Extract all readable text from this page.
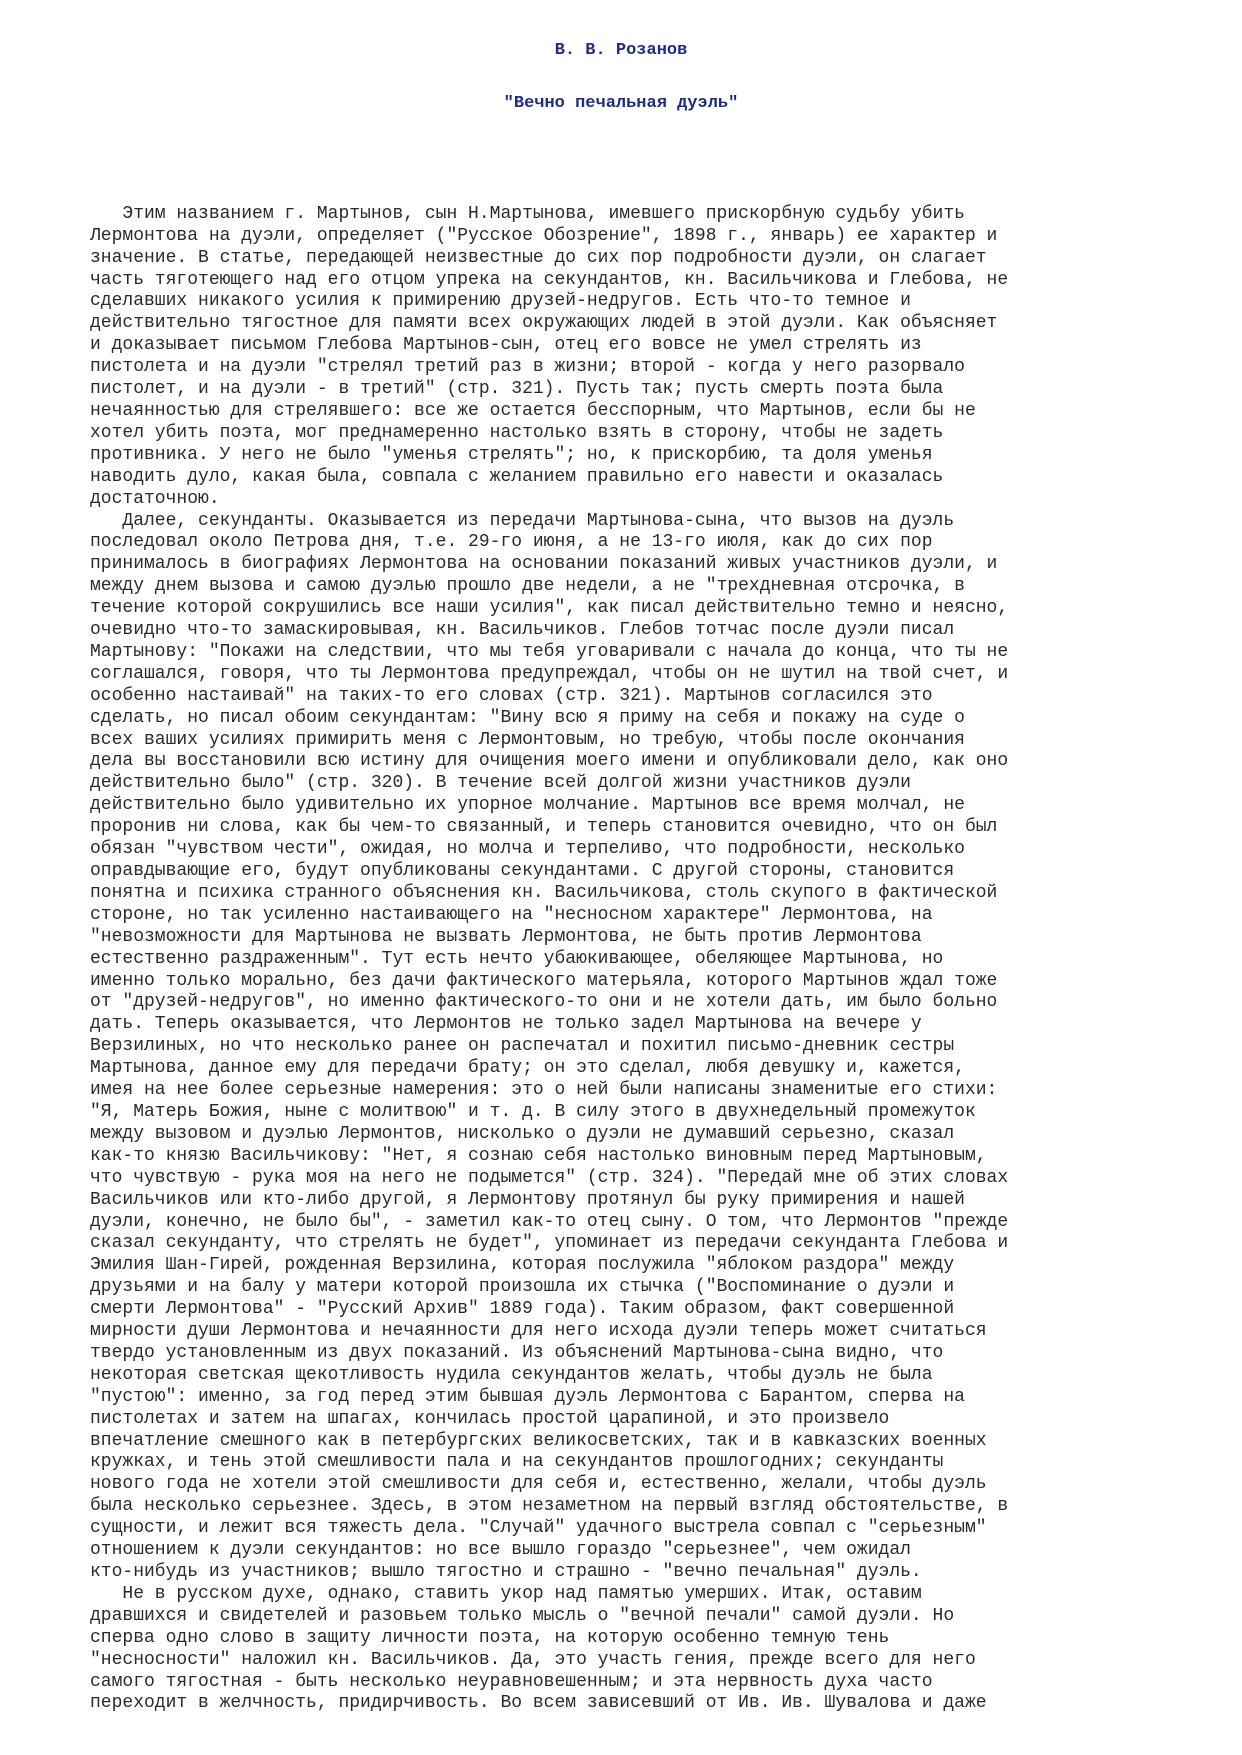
В. В. Розанов
"Вечно печальная дуэль"

Этим названием г. Мартынов, сын Н.Мартынова, имевшего прискорбную судьбу убить
Лермонтова на дуэли, определяет ("Русское Обозрение", 1898 г., январь) ее характер и
значение. В статье, передающей неизвестные до сих пор подробности дуэли, он слагает
часть тяготеющего над его отцом упрека на секундантов, кн. Васильчикова и Глебова, не
сделавших никакого усилия к примирению друзей-недругов. Есть что-то темное и
действительно тягостное для памяти всех окружающих людей в этой дуэли. Как объясняет
и доказывает письмом Глебова Мартынов-сын, отец его вовсе не умел стрелять из
пистолета и на дуэли "стрелял третий раз в жизни; второй - когда у него разорвало
пистолет, и на дуэли - в третий" (стр. 321). Пусть так; пусть смерть поэта была
нечаянностью для стрелявшего: все же остается бесспорным, что Мартынов, если бы не
хотел убить поэта, мог преднамеренно настолько взять в сторону, чтобы не задеть
противника. У него не было "уменья стрелять"; но, к прискорбию, та доля уменья
наводить дуло, какая была, совпала с желанием правильно его навести и оказалась
достаточною.
Далее, секунданты. Оказывается из передачи Мартынова-сына, что вызов на дуэль
последовал около Петрова дня, т.е. 29-го июня, а не 13-го июля, как до сих пор
принималось в биографиях Лермонтова на основании показаний живых участников дуэли, и
между днем вызова и самою дуэлью прошло две недели, а не "трехдневная отсрочка, в
течение которой сокрушились все наши усилия", как писал действительно темно и неясно,
очевидно что-то замаскировывая, кн. Васильчиков. Глебов тотчас после дуэли писал
Мартынову: "Покажи на следствии, что мы тебя уговаривали с начала до конца, что ты не
соглашался, говоря, что ты Лермонтова предупреждал, чтобы он не шутил на твой счет, и
особенно настаивай" на таких-то его словах (стр. 321). Мартынов согласился это
сделать, но писал обоим секундантам: "Вину всю я приму на себя и покажу на суде о
всех ваших усилиях примирить меня с Лермонтовым, но требую, чтобы после окончания
дела вы восстановили всю истину для очищения моего имени и опубликовали дело, как оно
действительно было" (стр. 320). В течение всей долгой жизни участников дуэли
действительно было удивительно их упорное молчание. Мартынов все время молчал, не
проронив ни слова, как бы чем-то связанный, и теперь становится очевидно, что он был
обязан "чувством чести", ожидая, но молча и терпеливо, что подробности, несколько
оправдывающие его, будут опубликованы секундантами. С другой стороны, становится
понятна и психика странного объяснения кн. Васильчикова, столь скупого в фактической
стороне, но так усиленно настаивающего на "несносном характере" Лермонтова, на
"невозможности для Мартынова не вызвать Лермонтова, не быть против Лермонтова
естественно раздраженным". Тут есть нечто убаюкивающее, обеляющее Мартынова, но
именно только морально, без дачи фактического матерьяла, которого Мартынов ждал тоже
от "друзей-недругов", но именно фактического-то они и не хотели дать, им было больно
дать. Теперь оказывается, что Лермонтов не только задел Мартынова на вечере у
Верзилиных, но что несколько ранее он распечатал и похитил письмо-дневник сестры
Мартынова, данное ему для передачи брату; он это сделал, любя девушку и, кажется,
имея на нее более серьезные намерения: это о ней были написаны знаменитые его стихи:
"Я, Матерь Божия, ныне с молитвою" и т. д. В силу этого в двухнедельный промежуток
между вызовом и дуэлью Лермонтов, нисколько о дуэли не думавший серьезно, сказал
как-то князю Васильчикову: "Нет, я сознаю себя настолько виновным перед Мартыновым,
что чувствую - рука моя на него не подымется" (стр. 324). "Передай мне об этих словах
Васильчиков или кто-либо другой, я Лермонтову протянул бы руку примирения и нашей
дуэли, конечно, не было бы", - заметил как-то отец сыну. О том, что Лермонтов "прежде
сказал секунданту, что стрелять не будет", упоминает из передачи секунданта Глебова и
Эмилия Шан-Гирей, рожденная Верзилина, которая послужила "яблоком раздора" между
друзьями и на балу у матери которой произошла их стычка ("Воспоминание о дуэли и
смерти Лермонтова" - "Русский Архив" 1889 года). Таким образом, факт совершенной
мирности души Лермонтова и нечаянности для него исхода дуэли теперь может считаться
твердо установленным из двух показаний. Из объяснений Мартынова-сына видно, что
некоторая светская щекотливость нудила секундантов желать, чтобы дуэль не была
"пустою": именно, за год перед этим бывшая дуэль Лермонтова с Барантом, сперва на
пистолетах и затем на шпагах, кончилась простой царапиной, и это произвело
впечатление смешного как в петербургских великосветских, так и в кавказских военных
кружках, и тень этой смешливости пала и на секундантов прошлогодних; секунданты
нового года не хотели этой смешливости для себя и, естественно, желали, чтобы дуэль
была несколько серьезнее. Здесь, в этом незаметном на первый взгляд обстоятельстве, в
сущности, и лежит вся тяжесть дела. "Случай" удачного выстрела совпал с "серьезным"
отношением к дуэли секундантов: но все вышло гораздо "серьезнее", чем ожидал
кто-нибудь из участников; вышло тягостно и страшно - "вечно печальная" дуэль.
Не в русском духе, однако, ставить укор над памятью умерших. Итак, оставим
дравшихся и свидетелей и разовьем только мысль о "вечной печали" самой дуэли. Но
сперва одно слово в защиту личности поэта, на которую особенно темную тень
"несносности" наложил кн. Васильчиков. Да, это участь гения, прежде всего для него
самого тягостная - быть несколько неуравновешенным; и эта нервность духа часто
переходит в желчность, придирчивость. Во всем зависевший от Ив. Ив. Шувалова и даже
